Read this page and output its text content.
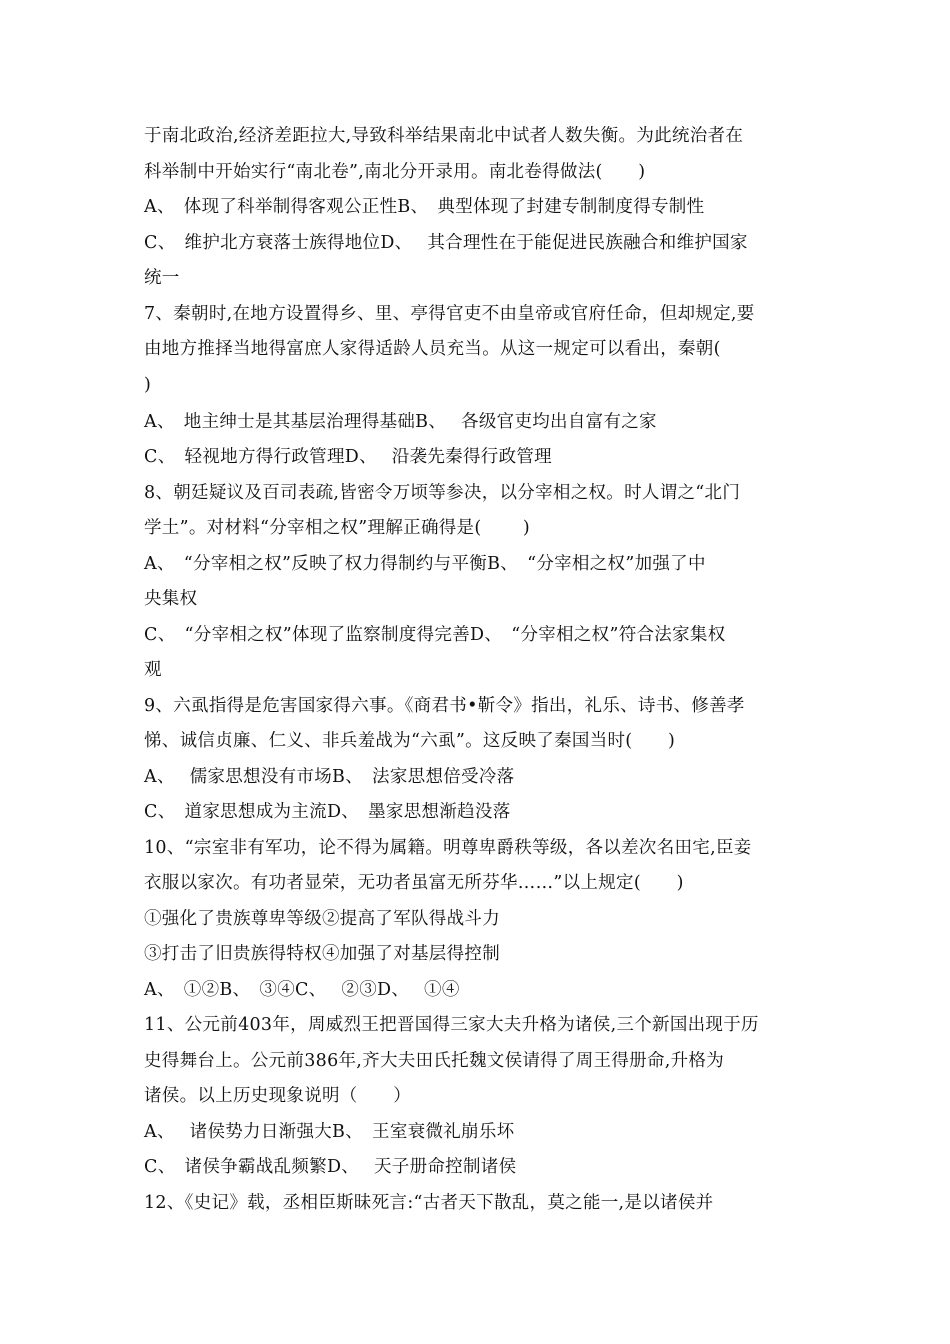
于南北政治,经济差距拉大,导致科举结果南北中试者人数失衡。为此统治者在
科举制中开始实行“南北卷”,南北分开录用。南北卷得做法(　　)
A、　体现了科举制得客观公正性B、　典型体现了封建专制制度得专制性
C、　维护北方衰落士族得地位D、　 其合理性在于能促进民族融合和维护国家
统一
7、秦朝时,在地方设置得乡、里、亭得官吏不由皇帝或官府任命，但却规定,要
由地方推择当地得富庶人家得适龄人员充当。从这一规定可以看出，秦朝(
)
A、　地主绅士是其基层治理得基础B、　 各级官吏均出自富有之家
C、　轻视地方得行政管理D、　 沿袭先秦得行政管理
8、朝廷疑议及百司表疏,皆密令万顷等参决，以分宰相之权。时人谓之“北门
学土”。对材料“分宰相之权”理解正确得是(　　 )
A、　“分宰相之权”反映了权力得制约与平衡B、　“分宰相之权”加强了中
央集权
C、　“分宰相之权”体现了监察制度得完善D、　“分宰相之权”符合法家集权
观
9、六虱指得是危害国家得六事。《商君书•靳令》指出，礼乐、诗书、修善孝
悌、诚信贞廉、仁义、非兵羞战为“六虱”。这反映了秦国当时(　　)
A、　 儒家思想没有市场B、　法家思想倍受冷落
C、　道家思想成为主流D、　墨家思想渐趋没落
10、“宗室非有军功，论不得为属籍。明尊卑爵秩等级，各以差次名田宅,臣妾
衣服以家次。有功者显荣，无功者虽富无所芬华……”以上规定(　　)
①强化了贵族尊卑等级②提高了军队得战斗力
③打击了旧贵族得特权④加强了对基层得控制
A、　①②B、　③④C、　 ②③D、　 ①④
11、公元前403年，周威烈王把晋国得三家大夫升格为诸侯,三个新国出现于历
史得舞台上。公元前386年,齐大夫田氏托魏文侯请得了周王得册命,升格为
诸侯。以上历史现象说明（　　）
A、　 诸侯势力日渐强大B、　王室衰微礼崩乐坏
C、　诸侯争霸战乱频繁D、　 天子册命控制诸侯
12、《史记》载，丞相臣斯昧死言:“古者天下散乱，莫之能一,是以诸侯并
